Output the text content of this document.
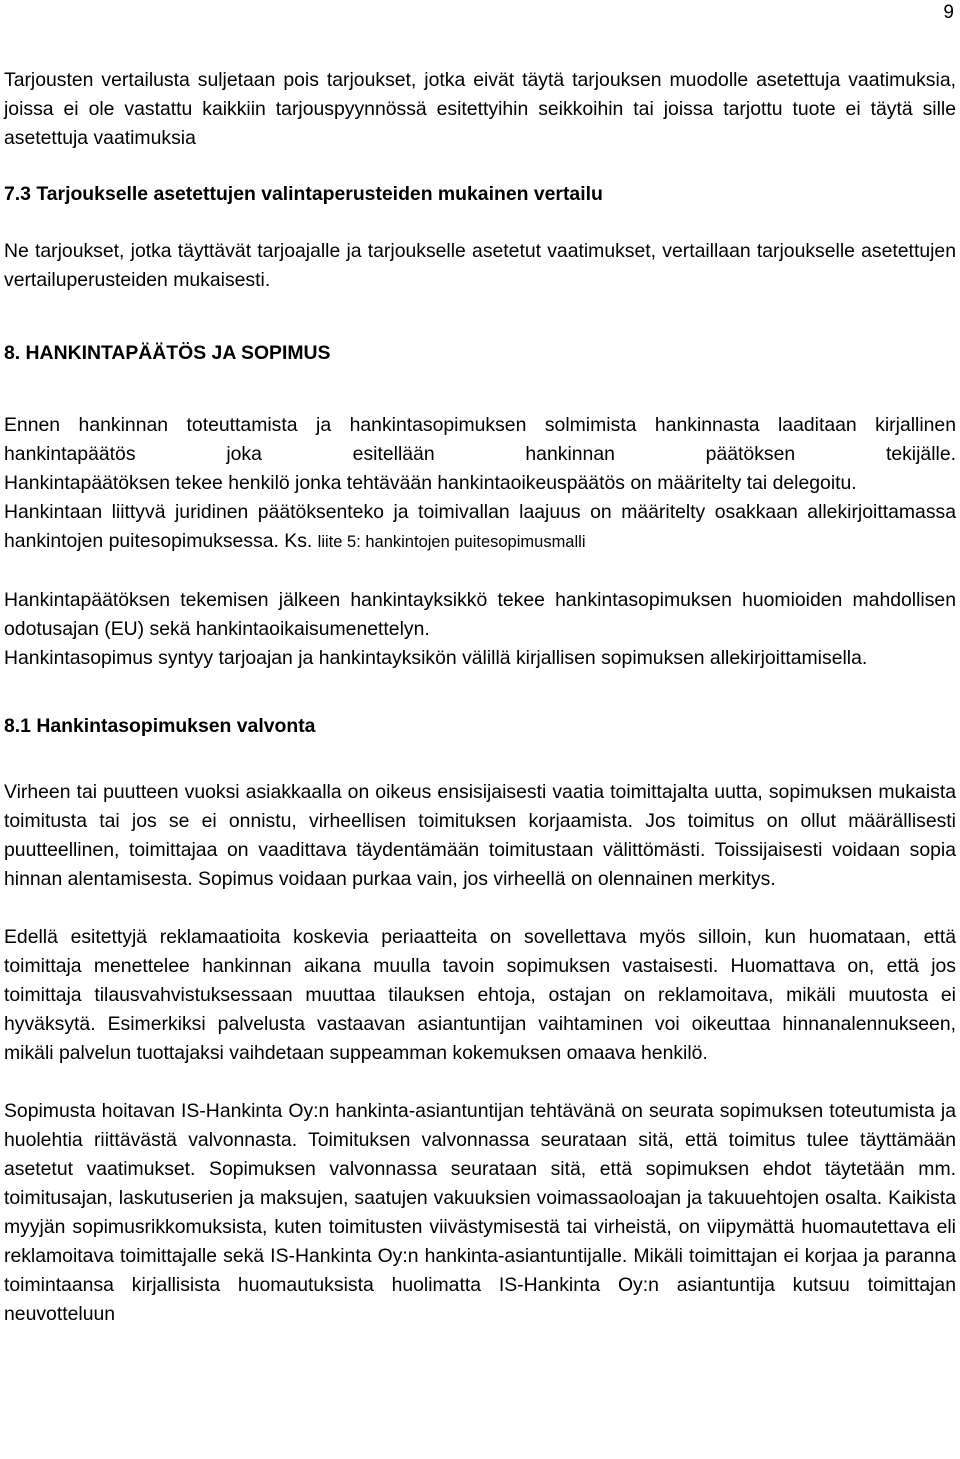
9

Tarjousten vertailusta suljetaan pois tarjoukset, jotka eivät täytä tarjouksen muodolle asetettuja vaatimuksia, joissa ei ole vastattu kaikkiin tarjouspyynnössä esitettyihin seikkoihin tai joissa tarjottu tuote ei täytä sille asetettuja vaatimuksia

7.3 Tarjoukselle asetettujen valintaperusteiden mukainen vertailu

Ne tarjoukset, jotka täyttävät tarjoajalle ja tarjoukselle asetetut vaatimukset, vertaillaan tarjoukselle asetettujen vertailuperusteiden mukaisesti.

8. HANKINTAPÄÄTÖS JA SOPIMUS

Ennen hankinnan toteuttamista ja hankintasopimuksen solmimista hankinnasta laaditaan kirjallinen hankintapäätös joka esitellään hankinnan päätöksen tekijälle.

Hankintapäätöksen tekee henkilö jonka tehtävään hankintaoikeuspäätös on määritelty tai delegoitu.

Hankintaan liittyvä juridinen päätöksenteko ja toimivallan laajuus on määritelty osakkaan allekirjoittamassa hankintojen puitesopimuksessa. Ks. liite 5: hankintojen puitesopimusmalli

Hankintapäätöksen tekemisen jälkeen hankintayksikkö tekee hankintasopimuksen huomioiden mahdollisen odotusajan (EU) sekä hankintaoikaisumenettelyn.

Hankintasopimus syntyy tarjoajan ja hankintayksikön välillä kirjallisen sopimuksen allekirjoittamisella.

8.1 Hankintasopimuksen valvonta

Virheen tai puutteen vuoksi asiakkaalla on oikeus ensisijaisesti vaatia toimittajalta uutta, sopimuksen mukaista toimitusta tai jos se ei onnistu, virheellisen toimituksen korjaamista. Jos toimitus on ollut määrällisesti puutteellinen, toimittajaa on vaadittava täydentämään toimitustaan välittömästi. Toissijaisesti voidaan sopia hinnan alentamisesta. Sopimus voidaan purkaa vain, jos virheellä on olennainen merkitys.

Edellä esitettyjä reklamaatioita koskevia periaatteita on sovellettava myös silloin, kun huomataan, että toimittaja menettelee hankinnan aikana muulla tavoin sopimuksen vastaisesti. Huomattava on, että jos toimittaja tilausvahvistuksessaan muuttaa tilauksen ehtoja, ostajan on reklamoitava, mikäli muutosta ei hyväksytä. Esimerkiksi palvelusta vastaavan asiantuntijan vaihtaminen voi oikeuttaa hinnanalennukseen, mikäli palvelun tuottajaksi vaihdetaan suppeamman kokemuksen omaava henkilö.

Sopimusta hoitavan IS-Hankinta Oy:n hankinta-asiantuntijan tehtävänä on seurata sopimuksen toteutumista ja huolehtia riittävästä valvonnasta. Toimituksen valvonnassa seurataan sitä, että toimitus tulee täyttämään asetetut vaatimukset. Sopimuksen valvonnassa seurataan sitä, että sopimuksen ehdot täytetään mm. toimitusajan, laskutuserien ja maksujen, saatujen vakuuksien voimassaoloajan ja takuuehtojen osalta. Kaikista myyjän sopimusrikkomuksista, kuten toimitusten viivästymisestä tai virheistä, on viipymättä huomautettava eli reklamoitava toimittajalle sekä IS-Hankinta Oy:n hankinta-asiantuntijalle. Mikäli toimittajan ei korjaa ja paranna toimintaansa kirjallisista huomautuksista huolimatta IS-Hankinta Oy:n asiantuntija kutsuu toimittajan neuvotteluun
